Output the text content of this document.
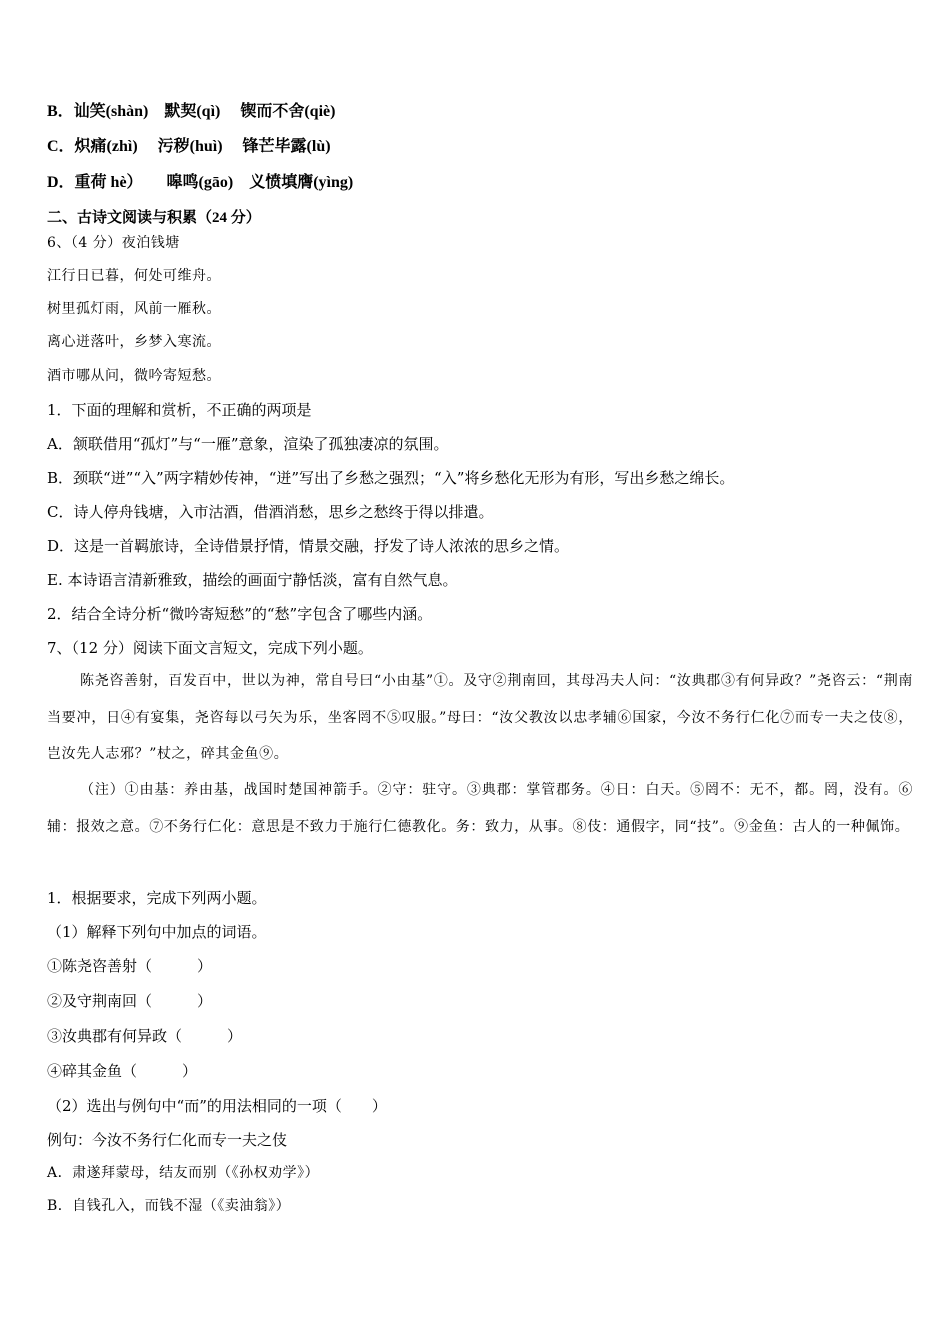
B．讪笑(shàn)　默契(qì)　 锲而不舍(qiè)
C．炽痛(zhì)　 污秽(huì)　 锋芒毕露(lù)
D．重荷 hè）　　嗥鸣(gāo)　义愤填膺(yìng)
二、古诗文阅读与积累（24 分）
6、（4 分）夜泊钱塘
江行日已暮，何处可维舟。
树里孤灯雨，风前一雁秋。
离心迸落叶，乡梦入寒流。
酒市哪从问，微吟寄短愁。
1．下面的理解和赏析，不正确的两项是
A．颔联借用“孤灯”与“一雁”意象，渲染了孤独凄凉的氛围。
B．颈联“迸”“入”两字精妙传神，“迸”写出了乡愁之强烈；“入”将乡愁化无形为有形，写出乡愁之绵长。
C．诗人停舟钱塘，入市沽酒，借酒消愁，思乡之愁终于得以排遣。
D．这是一首羁旅诗，全诗借景抒情，情景交融，抒发了诗人浓浓的思乡之情。
E. 本诗语言清新雅致，描绘的画面宁静恬淡，富有自然气息。
2．结合全诗分析“微吟寄短愁”的“愁”字包含了哪些内涵。
7、（12 分）阅读下面文言短文，完成下列小题。
陈尧咨善射，百发百中，世以为神，常自号曰“小由基”①。及守②荆南回，其母冯夫人问：“汝典郡③有何异政？”尧咨云：“荆南当要冲，日④有宴集，尧咨每以弓矢为乐，坐客罔不⑤叹服。”母曰：“汝父教汝以忠孝辅⑥国家，今汝不务行仁化⑦而专一夫之伎⑧，岂汝先人志邪？”杖之，碎其金鱼⑨。
（注）①由基：养由基，战国时楚国神箭手。②守：驻守。③典郡：掌管郡务。④日：白天。⑤罔不：无不，都。罔，没有。⑥辅：报效之意。⑦不务行仁化：意思是不致力于施行仁德教化。务：致力，从事。⑧伎：通假字，同“技”。⑨金鱼：古人的一种佩饰。
1．根据要求，完成下列两小题。
（1）解释下列句中加点的词语。
①陈尧咨善射（　　　）
②及守荆南回（　　　）
③汝典郡有何异政（　　　）
④碎其金鱼（　　　）
（2）选出与例句中“而”的用法相同的一项（　　）
例句：今汝不务行仁化而专一夫之伎
A．肃遂拜蒙母，结友而别（《孙权劝学》）
B．自钱孔入，而钱不湿（《卖油翁》）
